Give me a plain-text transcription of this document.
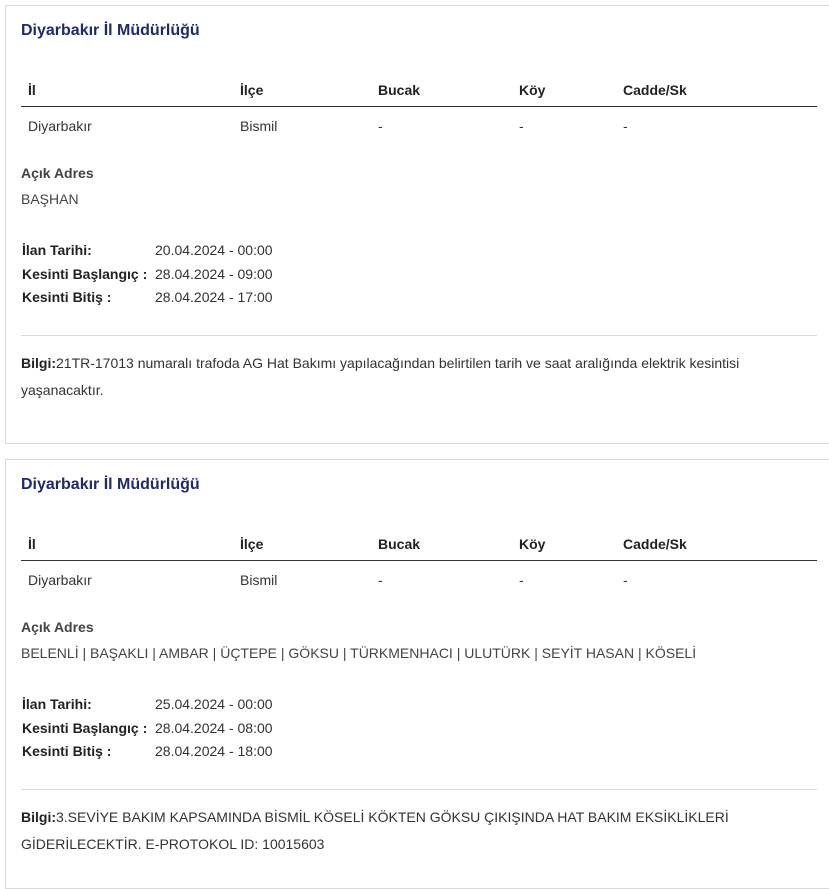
Diyarbakır İl Müdürlüğü
İl	İlçe	Bucak	Köy	Cadde/Sk
Diyarbakır	Bismil	-	-	-
Açık Adres
BAŞHAN
İlan Tarihi:	20.04.2024 - 00:00
Kesinti Başlangıç : 28.04.2024 - 09:00
Kesinti Bitiş :	28.04.2024 - 17:00
Bilgi:21TR-17013 numaralı trafoda AG Hat Bakımı yapılacağından belirtilen tarih ve saat aralığında elektrik kesintisi yaşanacaktır.
Diyarbakır İl Müdürlüğü
İl	İlçe	Bucak	Köy	Cadde/Sk
Diyarbakır	Bismil	-	-	-
Açık Adres
BELENLİ | BAŞAKLI | AMBAR | ÜÇTEPE | GÖKSU | TÜRKMENHACI | ULUTÜRK | SEYİT HASAN | KÖSELİ
İlan Tarihi:	25.04.2024 - 00:00
Kesinti Başlangıç : 28.04.2024 - 08:00
Kesinti Bitiş :	28.04.2024 - 18:00
Bilgi:3.SEVİYE BAKIM KAPSAMINDA BİSMİL KÖSELİ KÖKTEN GÖKSU ÇIKIŞINDA HAT BAKIM EKSİKLİKLERİ GİDERİLECEKTİR. E-PROTOKOL ID: 10015603
